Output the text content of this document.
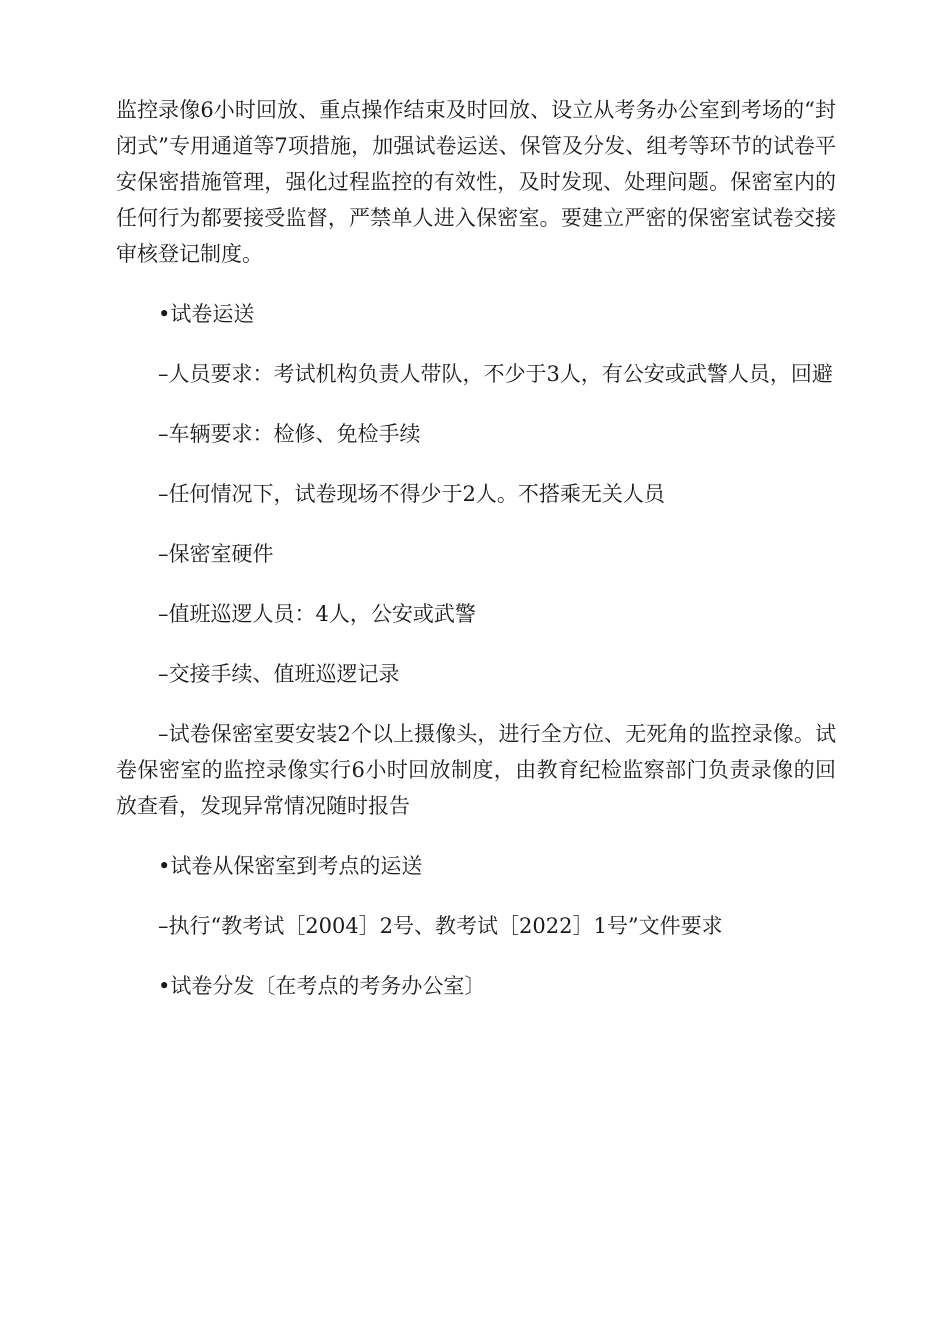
监控录像6小时回放、重点操作结束及时回放、设立从考务办公室到考场的“封闭式”专用通道等7项措施，加强试卷运送、保管及分发、组考等环节的试卷平安保密措施管理，强化过程监控的有效性，及时发现、处理问题。保密室内的任何行为都要接受监督，严禁单人进入保密室。要建立严密的保密室试卷交接审核登记制度。

•试卷运送

–人员要求：考试机构负责人带队，不少于3人，有公安或武警人员，回避

–车辆要求：检修、免检手续

–任何情况下，试卷现场不得少于2人。不搭乘无关人员

–保密室硬件

–值班巡逻人员：4人，公安或武警

–交接手续、值班巡逻记录

–试卷保密室要安装2个以上摄像头，进行全方位、无死角的监控录像。试卷保密室的监控录像实行6小时回放制度，由教育纪检监察部门负责录像的回放查看，发现异常情况随时报告

•试卷从保密室到考点的运送

–执行“教考试［2004］2号、教考试［2022］1号”文件要求

•试卷分发〔在考点的考务办公室〕
